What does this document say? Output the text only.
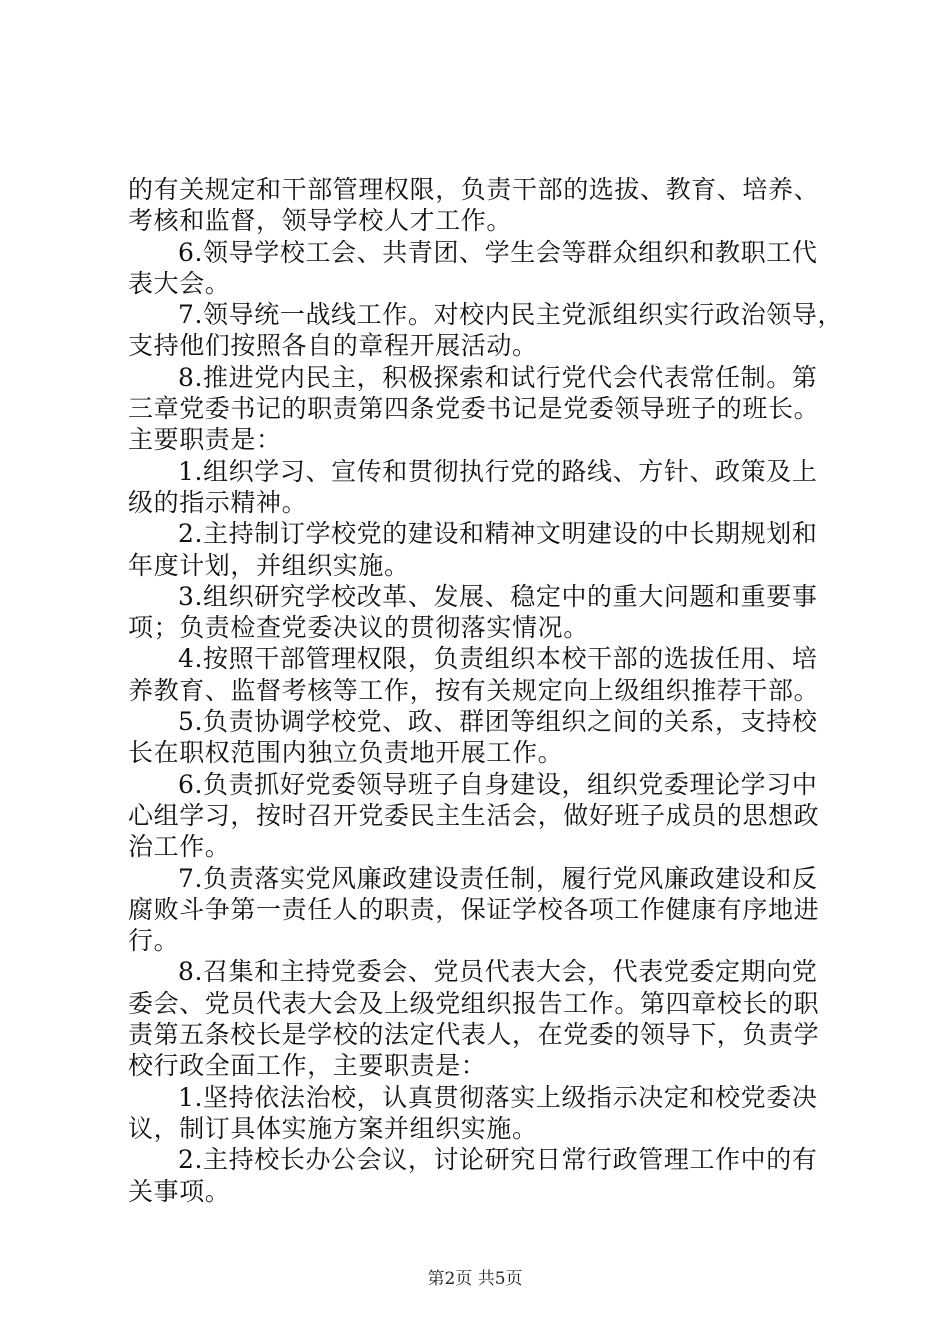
的有关规定和干部管理权限，负责干部的选拔、教育、培养、
考核和监督，领导学校人才工作。
6.领导学校工会、共青团、学生会等群众组织和教职工代
表大会。
7.领导统一战线工作。对校内民主党派组织实行政治领导，
支持他们按照各自的章程开展活动。
8.推进党内民主，积极探索和试行党代会代表常任制。第
三章党委书记的职责第四条党委书记是党委领导班子的班长。
主要职责是：
1.组织学习、宣传和贯彻执行党的路线、方针、政策及上
级的指示精神。
2.主持制订学校党的建设和精神文明建设的中长期规划和
年度计划，并组织实施。
3.组织研究学校改革、发展、稳定中的重大问题和重要事
项；负责检查党委决议的贯彻落实情况。
4.按照干部管理权限，负责组织本校干部的选拔任用、培
养教育、监督考核等工作，按有关规定向上级组织推荐干部。
5.负责协调学校党、政、群团等组织之间的关系，支持校
长在职权范围内独立负责地开展工作。
6.负责抓好党委领导班子自身建设，组织党委理论学习中
心组学习，按时召开党委民主生活会，做好班子成员的思想政
治工作。
7.负责落实党风廉政建设责任制，履行党风廉政建设和反
腐败斗争第一责任人的职责，保证学校各项工作健康有序地进
行。
8.召集和主持党委会、党员代表大会，代表党委定期向党
委会、党员代表大会及上级党组织报告工作。第四章校长的职
责第五条校长是学校的法定代表人，在党委的领导下，负责学
校行政全面工作，主要职责是：
1.坚持依法治校，认真贯彻落实上级指示决定和校党委决
议，制订具体实施方案并组织实施。
2.主持校长办公会议，讨论研究日常行政管理工作中的有
关事项。
第2页 共5页
